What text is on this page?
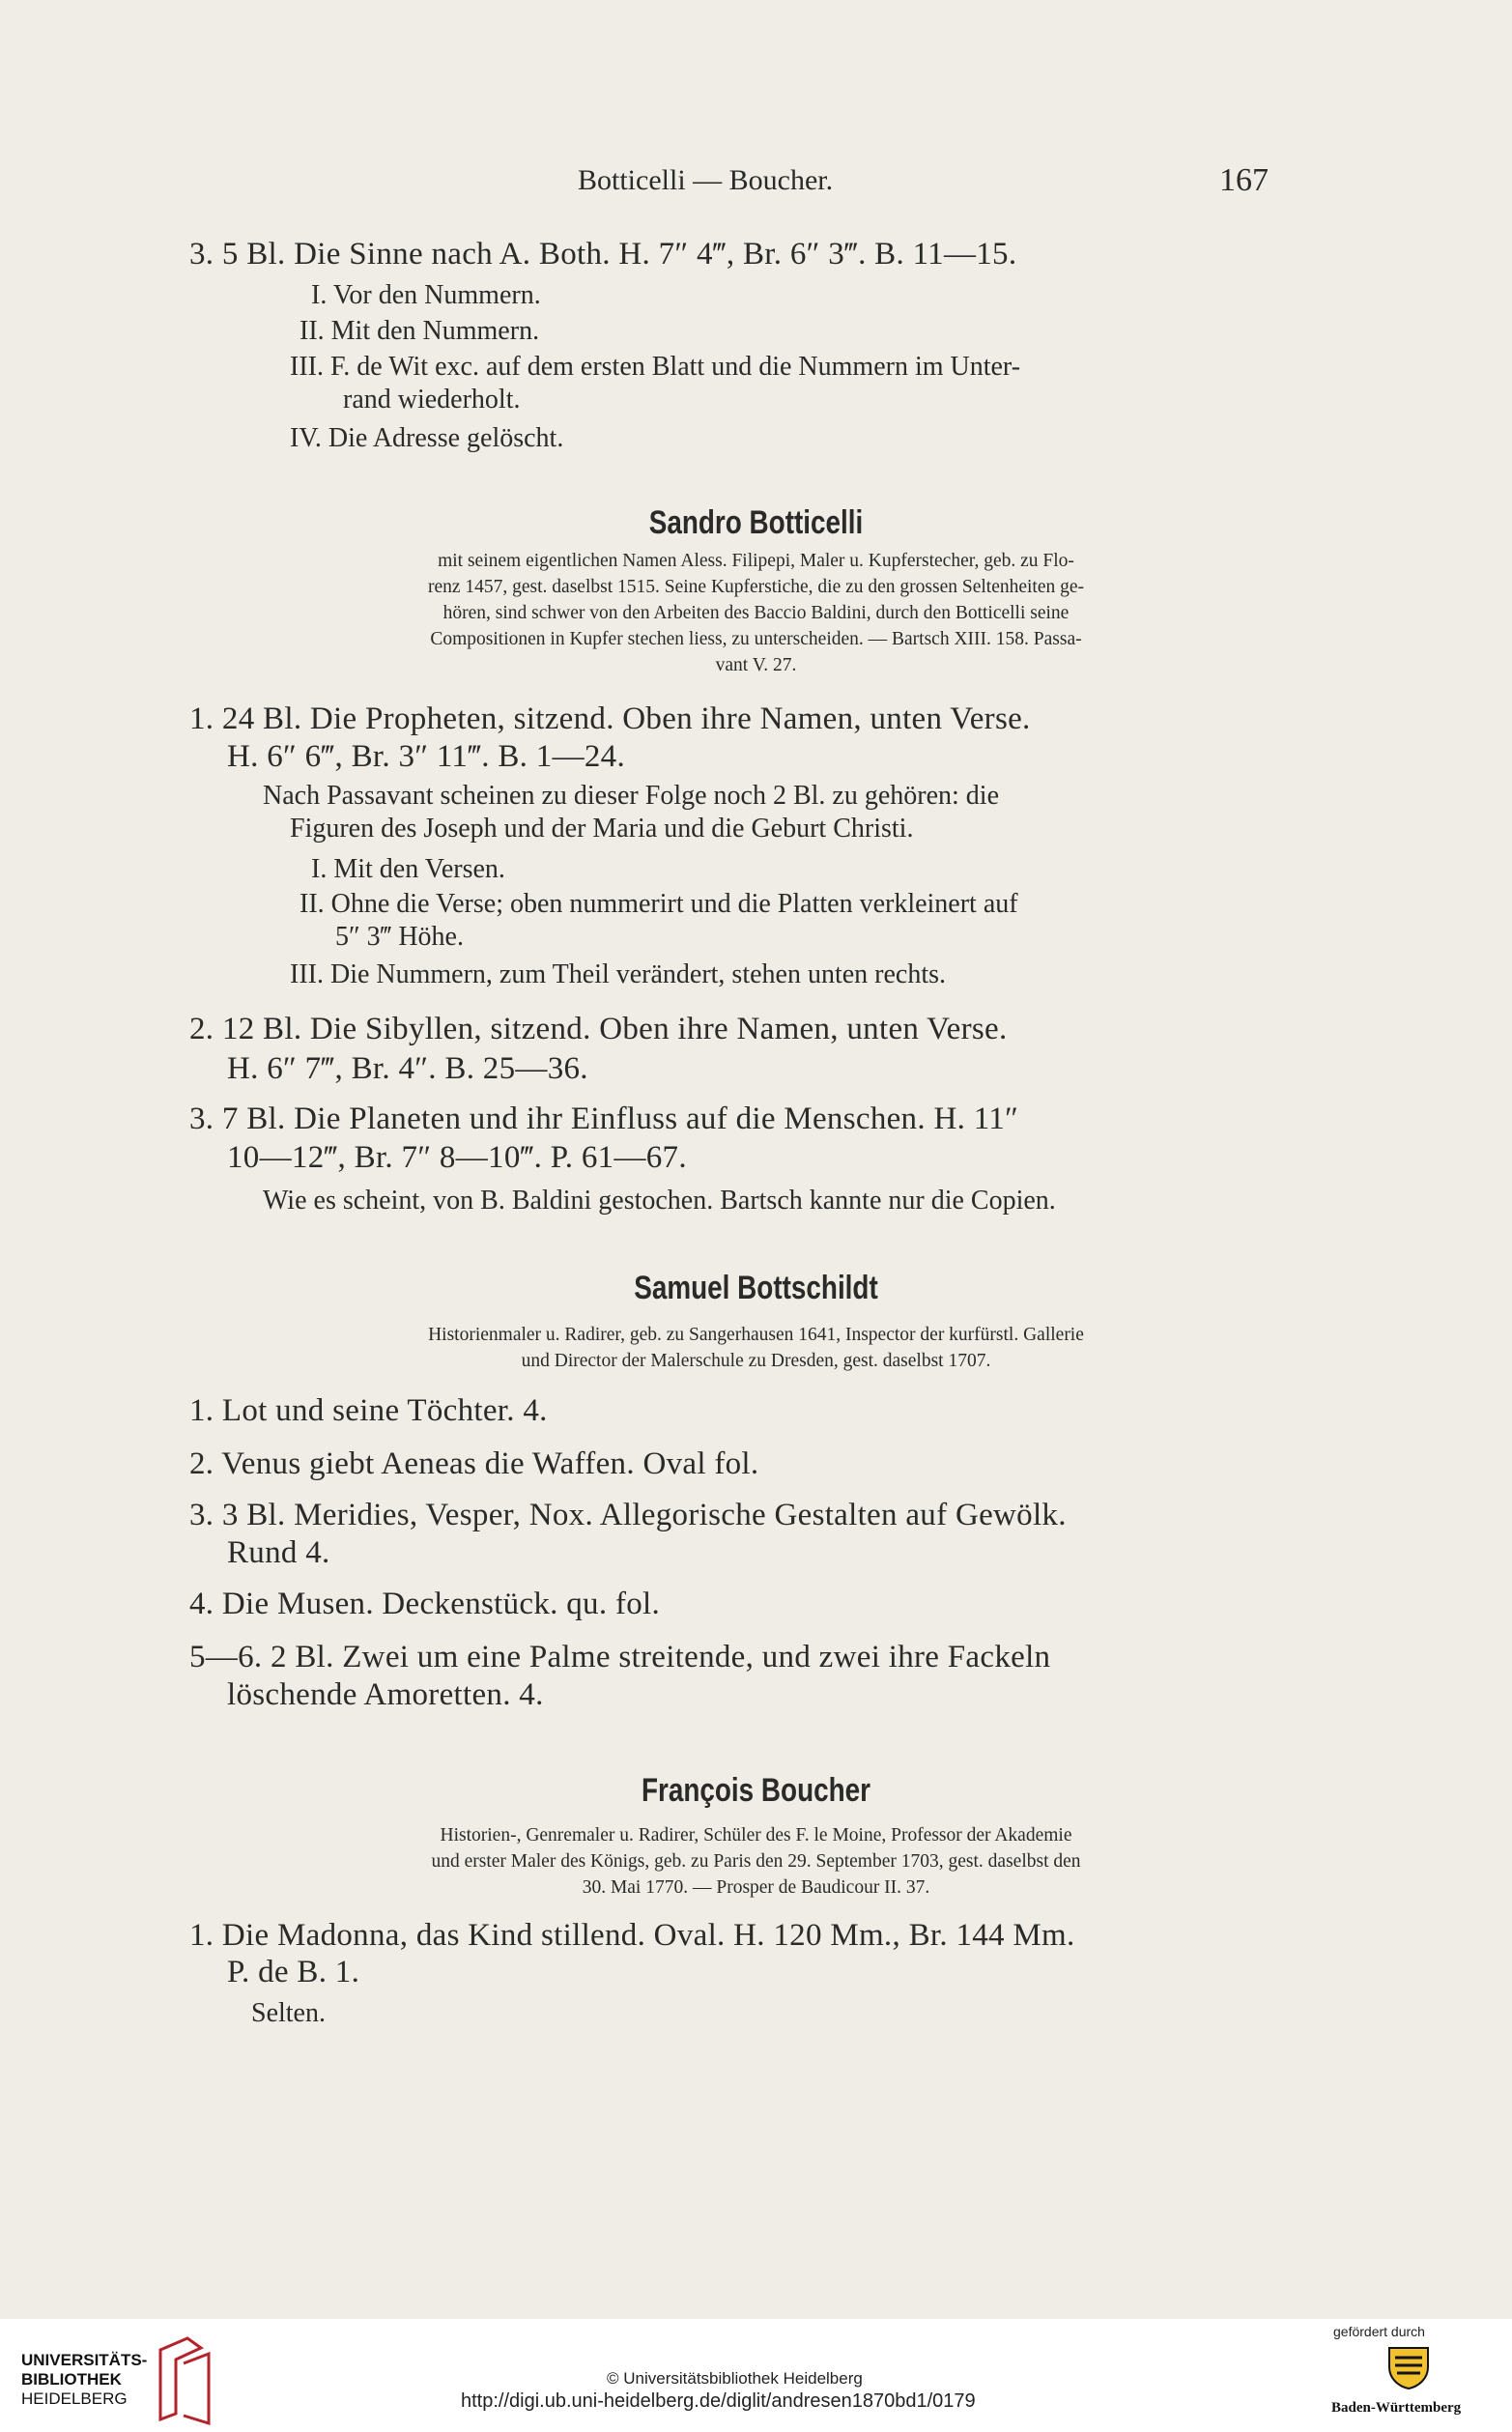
Botticelli — Boucher.	167
3. 5 Bl. Die Sinne nach A. Both. H. 7″ 4‴, Br. 6″ 3‴. B. 11—15.
I. Vor den Nummern.
II. Mit den Nummern.
III. F. de Wit exc. auf dem ersten Blatt und die Nummern im Unter-
rand wiederholt.
IV. Die Adresse gelöscht.
Sandro Botticelli
mit seinem eigentlichen Namen Aless. Filipepi, Maler u. Kupferstecher, geb. zu Flo-
renz 1457, gest. daselbst 1515. Seine Kupferstiche, die zu den grossen Seltenheiten ge-
hören, sind schwer von den Arbeiten des Baccio Baldini, durch den Botticelli seine
Compositionen in Kupfer stechen liess, zu unterscheiden. — Bartsch XIII. 158. Passa-
vant V. 27.
1. 24 Bl. Die Propheten, sitzend. Oben ihre Namen, unten Verse.
H. 6″ 6‴, Br. 3″ 11‴. B. 1—24.
Nach Passavant scheinen zu dieser Folge noch 2 Bl. zu gehören: die
Figuren des Joseph und der Maria und die Geburt Christi.
I. Mit den Versen.
II. Ohne die Verse; oben nummerirt und die Platten verkleinert auf
5″ 3‴ Höhe.
III. Die Nummern, zum Theil verändert, stehen unten rechts.
2. 12 Bl. Die Sibyllen, sitzend. Oben ihre Namen, unten Verse.
H. 6″ 7‴, Br. 4″. B. 25—36.
3. 7 Bl. Die Planeten und ihr Einfluss auf die Menschen. H. 11″
10—12‴, Br. 7″ 8—10‴. P. 61—67.
Wie es scheint, von B. Baldini gestochen. Bartsch kannte nur die Copien.
Samuel Bottschildt
Historienmaler u. Radirer, geb. zu Sangerhausen 1641, Inspector der kurfürstl. Gallerie
und Director der Malerschule zu Dresden, gest. daselbst 1707.
1. Lot und seine Töchter. 4.
2. Venus giebt Aeneas die Waffen. Oval fol.
3. 3 Bl. Meridies, Vesper, Nox. Allegorische Gestalten auf Gewölk.
Rund 4.
4. Die Musen. Deckenstück. qu. fol.
5—6. 2 Bl. Zwei um eine Palme streitende, und zwei ihre Fackeln
löschende Amoretten. 4.
François Boucher
Historien-, Genremaler u. Radirer, Schüler des F. le Moine, Professor der Akademie
und erster Maler des Königs, geb. zu Paris den 29. September 1703, gest. daselbst den
30. Mai 1770. — Prosper de Baudicour II. 37.
1. Die Madonna, das Kind stillend. Oval. H. 120 Mm., Br. 144 Mm.
P. de B. 1.
Selten.
UNIVERSITÄTS-
BIBLIOTHEK
HEIDELBERG
© Universitätsbibliothek Heidelberg
http://digi.ub.uni-heidelberg.de/diglit/andresen1870bd1/0179
gefördert durch
Baden-Württemberg
